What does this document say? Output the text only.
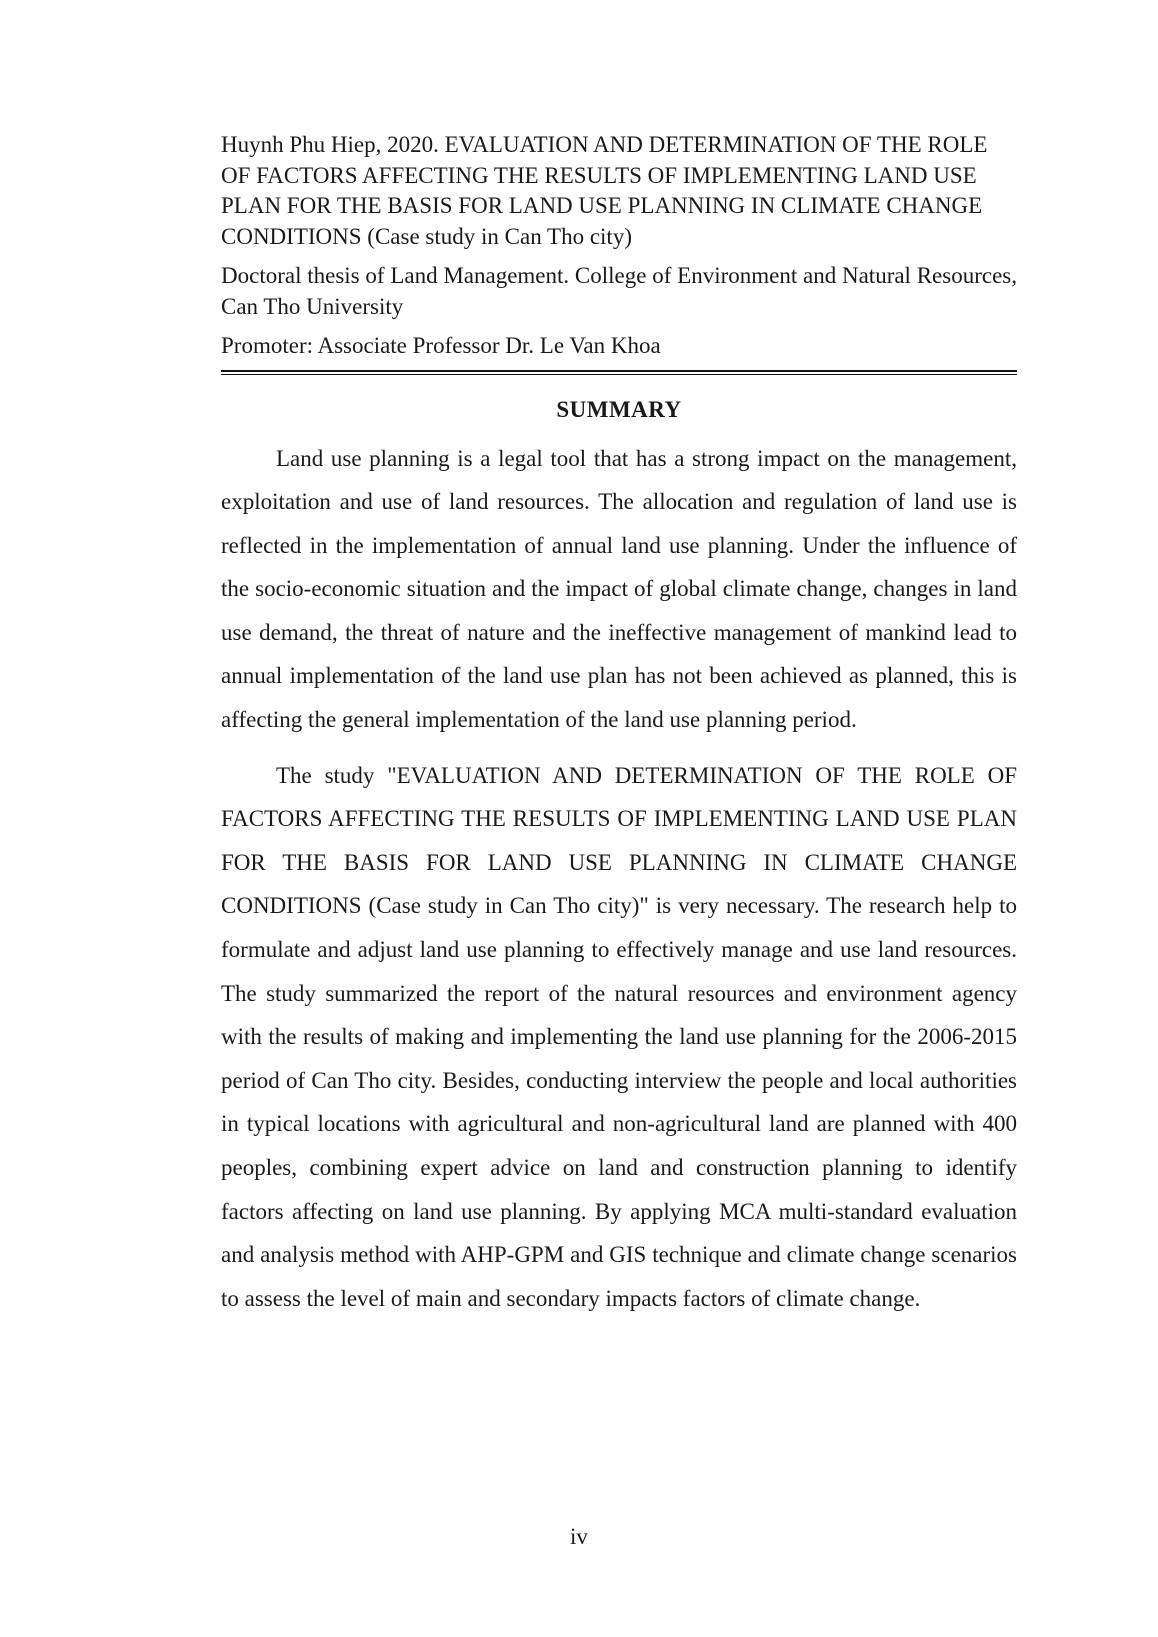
Huynh Phu Hiep, 2020. EVALUATION AND DETERMINATION OF THE ROLE OF FACTORS AFFECTING THE RESULTS OF IMPLEMENTING LAND USE PLAN FOR THE BASIS FOR LAND USE PLANNING IN CLIMATE CHANGE CONDITIONS (Case study in Can Tho city)

Doctoral thesis of Land Management. College of Environment and Natural Resources, Can Tho University

Promoter: Associate Professor Dr. Le Van Khoa

SUMMARY

Land use planning is a legal tool that has a strong impact on the management, exploitation and use of land resources. The allocation and regulation of land use is reflected in the implementation of annual land use planning. Under the influence of the socio-economic situation and the impact of global climate change, changes in land use demand, the threat of nature and the ineffective management of mankind lead to annual implementation of the land use plan has not been achieved as planned, this is affecting the general implementation of the land use planning period.

The study "EVALUATION AND DETERMINATION OF THE ROLE OF FACTORS AFFECTING THE RESULTS OF IMPLEMENTING LAND USE PLAN FOR THE BASIS FOR LAND USE PLANNING IN CLIMATE CHANGE CONDITIONS (Case study in Can Tho city)" is very necessary. The research help to formulate and adjust land use planning to effectively manage and use land resources. The study summarized the report of the natural resources and environment agency with the results of making and implementing the land use planning for the 2006-2015 period of Can Tho city. Besides, conducting interview the people and local authorities in typical locations with agricultural and non-agricultural land are planned with 400 peoples, combining expert advice on land and construction planning to identify factors affecting on land use planning. By applying MCA multi-standard evaluation and analysis method with AHP-GPM and GIS technique and climate change scenarios to assess the level of main and secondary impacts factors of climate change.

iv
